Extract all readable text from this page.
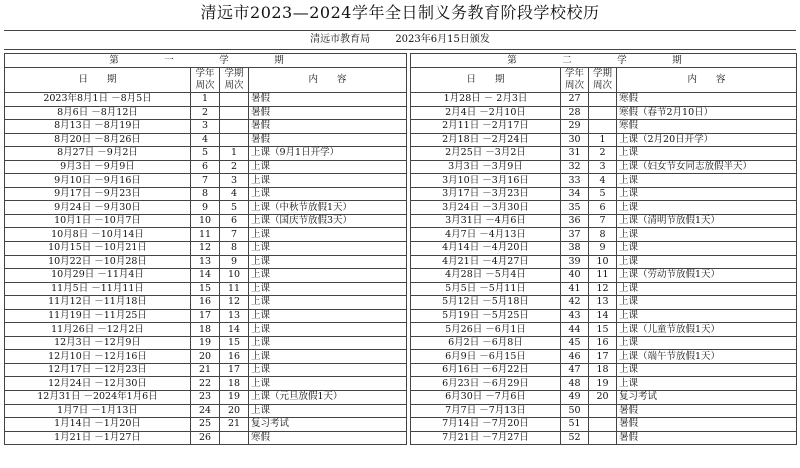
清远市2023—2024学年全日制义务教育阶段学校校历
清远市教育局	2023年6月15日颁发
第　一　学　期			
日　　期	学年周次	学期周次	内　　容
2023年8月1日 －8月5日	1		暑假
8月6日 －8月12日	2		暑假
8月13日 －8月19日	3		暑假
8月20日 －8月26日	4		暑假
8月27日 －9月2日	5	1	上课（9月1日开学）
9月3日 －9月9日	6	2	上课
9月10日 －9月16日	7	3	上课
9月17日 －9月23日	8	4	上课
9月24日 －9月30日	9	5	上课（中秋节放假1天）
10月1日 －10月7日	10	6	上课（国庆节放假3天）
10月8日 －10月14日	11	7	上课
10月15日 －10月21日	12	8	上课
10月22日 －10月28日	13	9	上课
10月29日 －11月4日	14	10	上课
11月5日 －11月11日	15	11	上课
11月12日 －11月18日	16	12	上课
11月19日 －11月25日	17	13	上课
11月26日 －12月2日	18	14	上课
12月3日 －12月9日	19	15	上课
12月10日 －12月16日	20	16	上课
12月17日 －12月23日	21	17	上课
12月24日 －12月30日	22	18	上课
12月31日 －2024年1月6日	23	19	上课（元旦放假1天）
1月7日 －1月13日	24	20	上课
1月14日 －1月20日	25	21	复习考试
1月21日 －1月27日	26		寒假
第　二　学　期			
日　　期	学年周次	学期周次	内　　容
1月28日 － 2月3日	27		寒假
2月4日 －2月10日	28		寒假（春节2月10日）
2月11日 －2月17日	29		寒假
2月18日 －2月24日	30	1	上课（2月20日开学）
2月25日 －3月2日	31	2	上课
3月3日 －3月9日	32	3	上课（妇女节女同志放假半天）
3月10日 －3月16日	33	4	上课
3月17日 －3月23日	34	5	上课
3月24日 －3月30日	35	6	上课
3月31日 －4月6日	36	7	上课（清明节放假1天）
4月7日 －4月13日	37	8	上课
4月14日 －4月20日	38	9	上课
4月21日 －4月27日	39	10	上课
4月28日 －5月4日	40	11	上课（劳动节放假1天）
5月5日 －5月11日	41	12	上课
5月12日 －5月18日	42	13	上课
5月19日 －5月25日	43	14	上课
5月26日 －6月1日	44	15	上课（儿童节放假1天）
6月2日 －6月8日	45	16	上课
6月9日 －6月15日	46	17	上课（端午节放假1天）
6月16日 －6月22日	47	18	上课
6月23日 －6月29日	48	19	上课
6月30日 －7月6日	49	20	复习考试
7月7日 －7月13日	50		暑假
7月14日 －7月20日	51		暑假
7月21日 －7月27日	52		暑假
